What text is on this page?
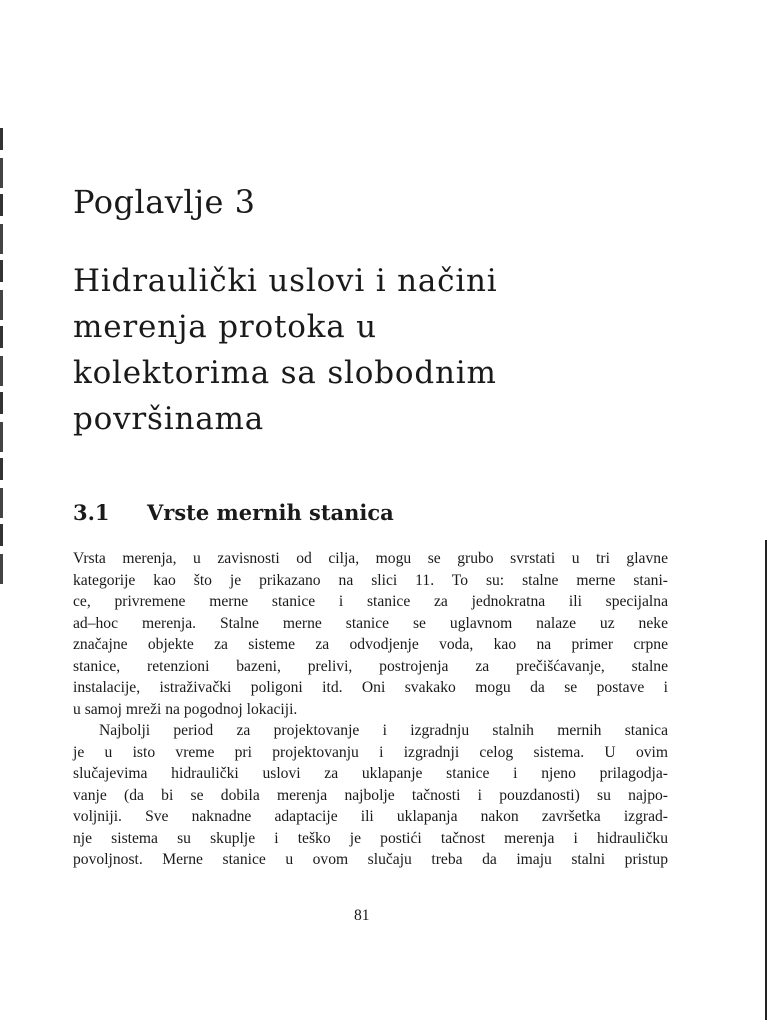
Poglavlje 3
Hidraulički uslovi i načini
merenja protoka u
kolektorima sa slobodnim
površinama
3.1 Vrste mernih stanica
Vrsta merenja, u zavisnosti od cilja, mogu se grubo svrstati u tri glavne
kategorije kao što je prikazano na slici 11. To su: stalne merne stani-
ce, privremene merne stanice i stanice za jednokratna ili specijalna
ad–hoc merenja. Stalne merne stanice se uglavnom nalaze uz neke
značajne objekte za sisteme za odvodjenje voda, kao na primer crpne
stanice, retenzioni bazeni, prelivi, postrojenja za prečišćavanje, stalne
instalacije, istraživački poligoni itd. Oni svakako mogu da se postave i
u samoj mreži na pogodnoj lokaciji.
Najbolji period za projektovanje i izgradnju stalnih mernih stanica
je u isto vreme pri projektovanju i izgradnji celog sistema. U ovim
slučajevima hidraulički uslovi za uklapanje stanice i njeno prilagodja-
vanje (da bi se dobila merenja najbolje tačnosti i pouzdanosti) su najpo-
voljniji. Sve naknadne adaptacije ili uklapanja nakon završetka izgrad-
nje sistema su skuplje i teško je postići tačnost merenja i hidrauličku
povoljnost. Merne stanice u ovom slučaju treba da imaju stalni pristup
81
